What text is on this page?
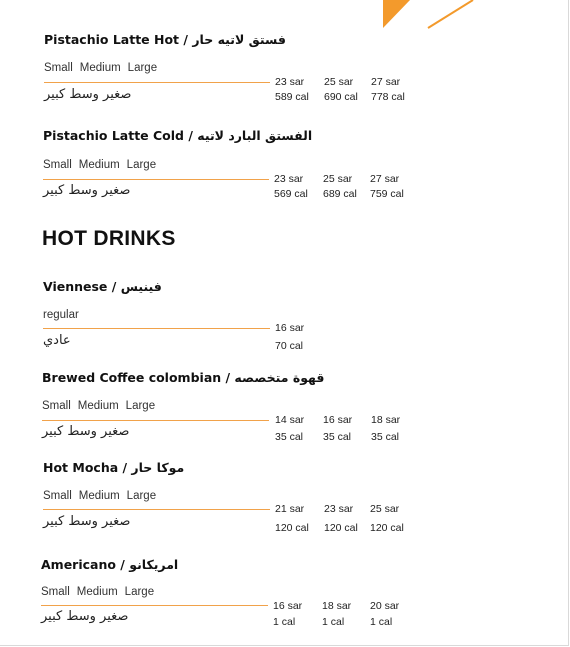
Pistachio Latte Hot / فستق لاتيه حار
Small Medium Large
صغير وسط كبير
23 sar
589 cal
25 sar
690 cal
27 sar
778 cal
Pistachio Latte Cold / الفستق البارد لاتيه
Small Medium Large
صغير وسط كبير
23 sar
569 cal
25 sar
689 cal
27 sar
759 cal
HOT DRINKS
Viennese / فينيس
regular
عادي
16 sar
70 cal
Brewed Coffee colombian / قهوة متخصصه
Small Medium Large
صغير وسط كبير
14 sar
35 cal
16 sar
35 cal
18 sar
35 cal
Hot Mocha / موكا حار
Small Medium Large
صغير وسط كبير
21 sar
120 cal
23 sar
120 cal
25 sar
120 cal
Americano / امريكانو
Small Medium Large
صغير وسط كبير
16 sar
1 cal
18 sar
1 cal
20 sar
1 cal
